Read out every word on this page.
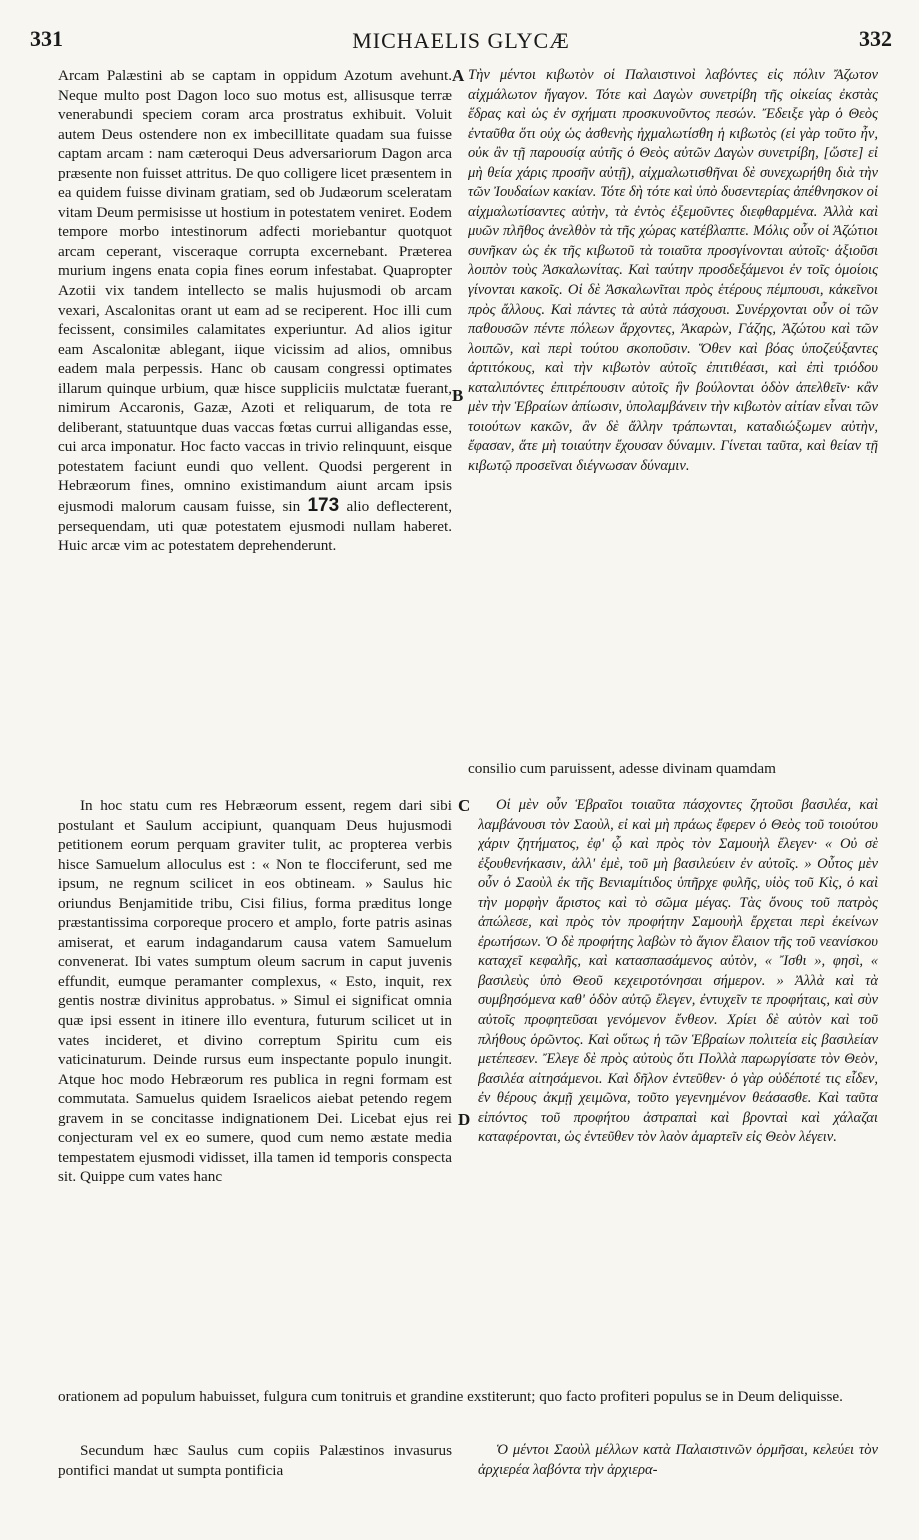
331	MICHAELIS GLYCÆ	332
Arcam Palæstini ab se captam in oppidum Azotum avehunt. Neque multo post Dagon loco suo motus est, allisusque terræ venerabundi speciem coram arca prostratus exhibuit. Voluit autem Deus ostendere non ex imbecillitate quadam sua fuisse captam arcam : nam cæteroqui Deus adversariorum Dagon arca præsente non fuisset attritus. De quo colligere licet præsentem in ea quidem fuisse divinam gratiam, sed ob Judæorum sceleratam vitam Deum permisisse ut hostium in potestatem veniret. Eodem tempore morbo intestinorum adfecti moriebantur quotquot arcam ceperant, visceraque corrupta excernebant. Præterea murium ingens enata copia fines eorum infestabat. Quapropter Azotii vix tandem intellecto se malis hujusmodi ob arcam vexari, Ascalonitas orant ut eam ad se reciperent. Hoc illi cum fecissent, consimiles calamitates experiuntur. Ad alios igitur eam Ascalonitæ ablegant, iique vicissim ad alios, omnibus eadem mala perpessis. Hanc ob causam congressi optimates illarum quinque urbium, quæ hisce suppliciis mulctatæ fuerant, nimirum Accaronis, Gazæ, Azoti et reliquarum, de tota re deliberant, statuuntque duas vaccas fœtas currui alligandas esse, cui arca imponatur. Hoc facto vaccas in trivio relinquunt, eisque potestatem faciunt eundi quo vellent. Quodsi pergerent in Hebræorum fines, omnino existimandum aiunt arcam ipsis ejusmodi malorum causam fuisse, sin 173 alio deflecterent, persequendam, uti quæ potestatem ejusmodi nullam haberet. Huic arcæ vim ac potestatem deprehenderunt.
Τὴν μέντοι κιβωτὸν οἱ Παλαιστινοὶ λαβόντες εἰς πόλιν Ἄζωτον αἰχμάλωτον ἤγαγον. Τότε καὶ Δαγὼν συνετρίβη τῆς οἰκείας ἐκστὰς ἕδρας καὶ ὡς ἐν σχήματι προσκυνοῦντος πεσών. Ἔδειξε γὰρ ὁ Θεὸς ἐνταῦθα ὅτι οὐχ ὡς ἀσθενὴς ἠχμαλωτίσθη ἡ κιβωτὸς (εἰ γὰρ τοῦτο ἦν, οὐκ ἂν τῇ παρουσίᾳ αὐτῆς ὁ Θεὸς αὐτῶν Δαγὼν συνετρίβη, [ὥστε] εἰ μὴ θεία χάρις προσῆν αὐτῇ), αἰχμαλωτισθῆναι δὲ συνεχωρήθη διὰ τὴν τῶν Ἰουδαίων κακίαν. Τότε δὴ τότε καὶ ὑπὸ δυσεντερίας ἀπέθνησκον οἱ αἰχμαλωτίσαντες αὐτὴν, τὰ ἐντὸς ἐξεμοῦντες διεφθαρμένα. Ἀλλὰ καὶ μυῶν πλῆθος ἀνελθὸν τὰ τῆς χώρας κατέβλαπτε. Μόλις οὖν οἱ Ἀζώτιοι συνῆκαν ὡς ἐκ τῆς κιβωτοῦ τὰ τοιαῦτα προσγίνονται αὐτοῖς· ἀξιοῦσι λοιπὸν τοὺς Ἀσκαλωνίτας. Καὶ ταύτην προσδεξάμενοι ἐν τοῖς ὁμοίοις γίνονται κακοῖς. Οἱ δὲ Ἀσκαλωνῖται πρὸς ἑτέρους πέμπουσι, κἀκεῖνοι πρὸς ἄλλους. Καὶ πάντες τὰ αὐτὰ πάσχουσι. Συνέρχονται οὖν οἱ τῶν παθουσῶν πέντε πόλεων ἄρχοντες, Ἀκαρὼν, Γάζης, Ἀζώτου καὶ τῶν λοιπῶν, καὶ περὶ τούτου σκοποῦσιν. Ὅθεν καὶ βόας ὑποζεύξαντες ἀρτιτόκους, καὶ τὴν κιβωτὸν αὐτοῖς ἐπιτιθέασι, καὶ ἐπὶ τριόδου καταλιπόντες ἐπιτρέπουσιν αὐτοῖς ἣν βούλονται ὁδὸν ἀπελθεῖν· κἂν μὲν τὴν Ἑβραίων ἀπίωσιν, ὑπολαμβάνειν τὴν κιβωτὸν αἰτίαν εἶναι τῶν τοιούτων κακῶν, ἂν δὲ ἄλλην τράπωνται, καταδιώξωμεν αὐτὴν, ἔφασαν, ἅτε μὴ τοιαύτην ἔχουσαν δύναμιν. Γίνεται ταῦτα, καὶ θείαν τῇ κιβωτῷ προσεῖναι διέγνωσαν δύναμιν.
consilio cum paruissent, adesse divinam quamdam
In hoc statu cum res Hebræorum essent, regem dari sibi postulant et Saulum accipiunt, quanquam Deus hujusmodi petitionem eorum perquam graviter tulit, ac propterea verbis hisce Samuelum alloculus est : « Non te flocciferunt, sed me ipsum, ne regnum scilicet in eos obtineam. » Saulus hic oriundus Benjamitide tribu, Cisi filius, forma præditus longe præstantissima corporeque procero et amplo, forte patris asinas amiserat, et earum indagandarum causa vatem Samuelum convenerat. Ibi vates sumptum oleum sacrum in caput juvenis effundit, eumque peramanter complexus, « Esto, inquit, rex gentis nostræ divinitus approbatus. » Simul ei significat omnia quæ ipsi essent in itinere illo eventura, futurum scilicet ut in vates incideret, et divino correptum Spiritu cum eis vaticinaturum. Deinde rursus eum inspectante populo inungit. Atque hoc modo Hebræorum res publica in regni formam est commutata. Samuelus quidem Israelicos aiebat petendo regem gravem in se concitasse indignationem Dei. Licebat ejus rei conjecturam vel ex eo sumere, quod cum nemo æstate media tempestatem ejusmodi vidisset, illa tamen id temporis conspecta sit. Quippe cum vates hanc
Οἱ μὲν οὖν Ἑβραῖοι τοιαῦτα πάσχοντες ζητοῦσι βασιλέα, καὶ λαμβάνουσι τὸν Σαοὺλ, εἰ καὶ μὴ πράως ἔφερεν ὁ Θεὸς τοῦ τοιούτου χάριν ζητήματος, ἐφ' ᾧ καὶ πρὸς τὸν Σαμουὴλ ἔλεγεν· « Οὐ σὲ ἐξουθενήκασιν, ἀλλ' ἐμὲ, τοῦ μὴ βασιλεύειν ἐν αὐτοῖς. » Οὗτος μὲν οὖν ὁ Σαοὺλ ἐκ τῆς Βενιαμίτιδος ὑπῆρχε φυλῆς, υἱὸς τοῦ Κὶς, ὁ καὶ τὴν μορφὴν ἄριστος καὶ τὸ σῶμα μέγας. Τὰς ὄνους τοῦ πατρὸς ἀπώλεσε, καὶ πρὸς τὸν προφήτην Σαμουὴλ ἔρχεται περὶ ἐκείνων ἐρωτήσων. Ὁ δὲ προφήτης λαβὼν τὸ ἅγιον ἔλαιον τῆς τοῦ νεανίσκου καταχεῖ κεφαλῆς, καὶ κατασπασάμενος αὐτὸν, « Ἴσθι », φησὶ, « βασιλεὺς ὑπὸ Θεοῦ κεχειροτόνησαι σήμερον. » Ἀλλὰ καὶ τὰ συμβησόμενα καθ' ὁδὸν αὐτῷ ἔλεγεν, ἐντυχεῖν τε προφήταις, καὶ σὺν αὐτοῖς προφητεῦσαι γενόμενον ἔνθεον. Χρίει δὲ αὐτὸν καὶ τοῦ πλήθους ὁρῶντος. Καὶ οὕτως ἡ τῶν Ἑβραίων πολιτεία εἰς βασιλείαν μετέπεσεν. Ἔλεγε δὲ πρὸς αὐτοὺς ὅτι Πολλὰ παρωργίσατε τὸν Θεὸν, βασιλέα αἰτησάμενοι. Καὶ δῆλον ἐντεῦθεν· ὁ γὰρ οὐδέποτέ τις εἶδεν, ἐν θέρους ἀκμῇ χειμῶνα, τοῦτο γεγενημένον θεάσασθε. Καὶ ταῦτα εἰπόντος τοῦ προφήτου ἀστραπαὶ καὶ βρονταὶ καὶ χάλαζαι καταφέρονται, ὡς ἐντεῦθεν τὸν λαὸν ἁμαρτεῖν εἰς Θεὸν λέγειν.
orationem ad populum habuisset, fulgura cum tonitruis et grandine exstiterunt; quo facto profiteri populus se in Deum deliquisse.
Secundum hæc Saulus cum copiis Palæstinos invasurus pontifici mandat ut sumpta pontificia
Ὁ μέντοι Σαοὺλ μέλλων κατὰ Παλαιστινῶν ὁρμῆσαι, κελεύει τὸν ἀρχιερέα λαβόντα τὴν ἀρχιερα-
A
B
C
D
